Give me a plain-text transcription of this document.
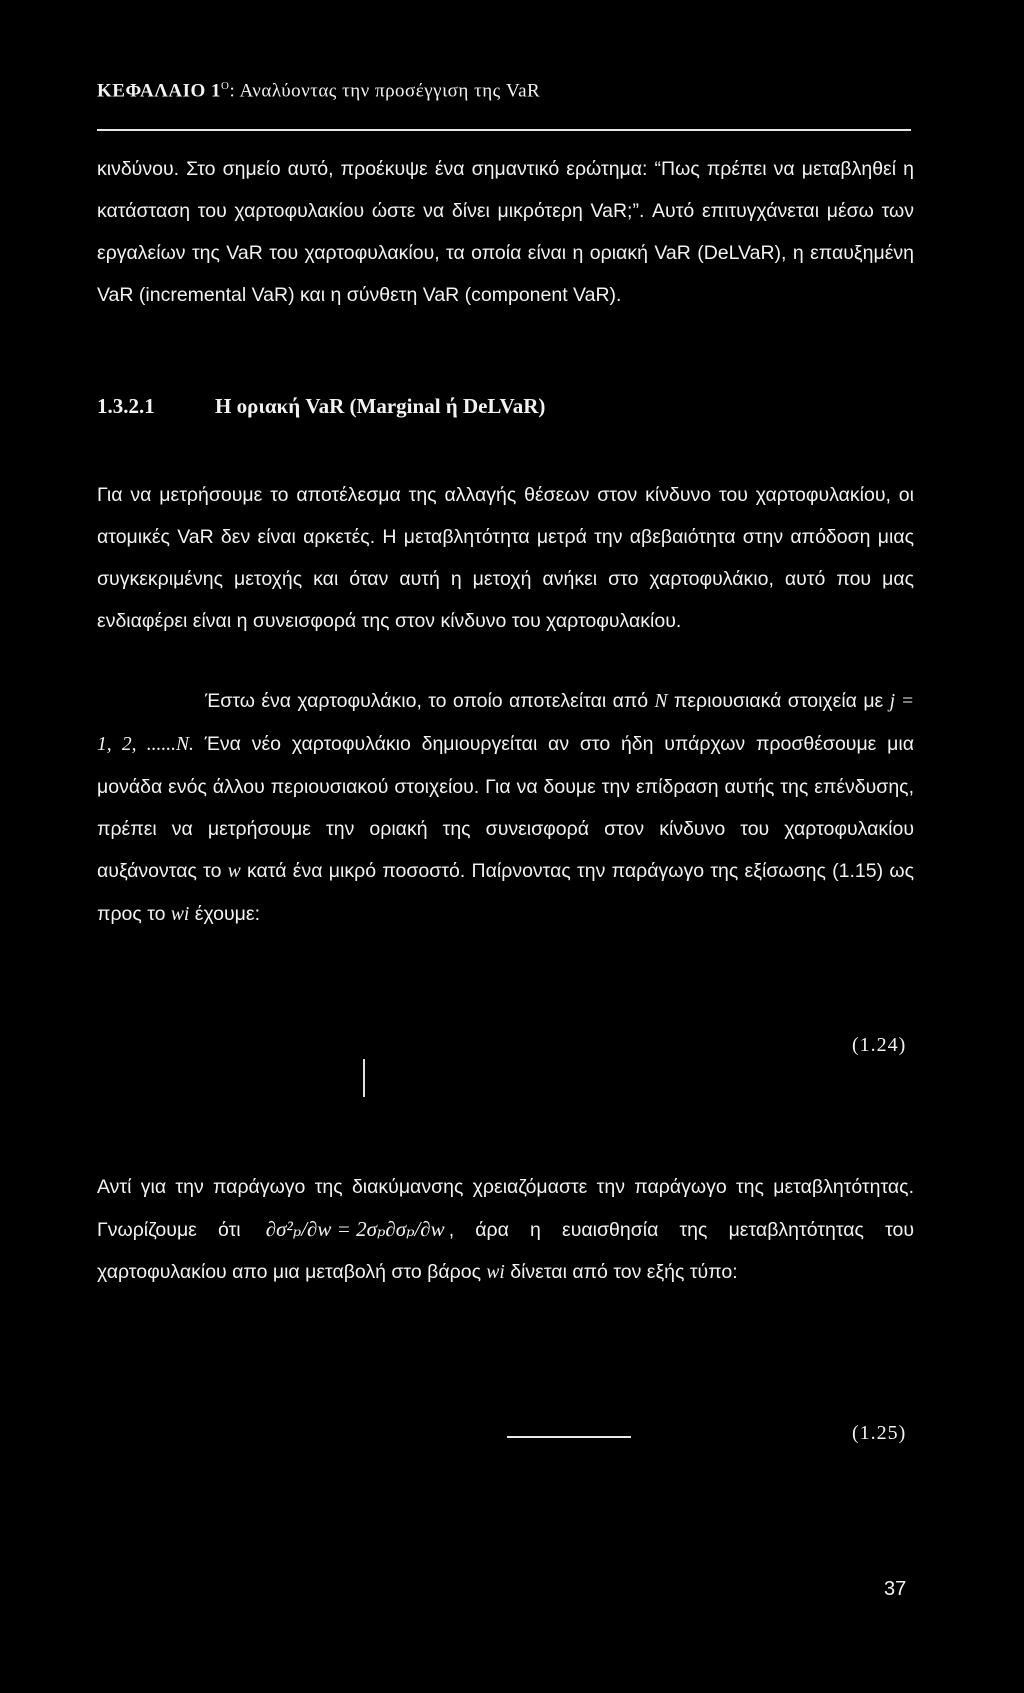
ΚΕΦΑΛΑΙΟ $1^O$: Αναλύοντας την προσέγγιση της VaR
κινδύνου. Στο σημείο αυτό, προέκυψε ένα σημαντικό ερώτημα: “Πως πρέπει να μεταβληθεί η κατάσταση του χαρτοφυλακίου ώστε να δίνει μικρότερη VaR;”. Αυτό επιτυγχάνεται μέσω των εργαλείων της VaR του χαρτοφυλακίου, τα οποία είναι η οριακή VaR (DeLVaR), η επαυξημένη VaR (incremental VaR) και η σύνθετη VaR (component VaR).
1.3.2.1	Η οριακή VaR (Marginal ή DeLVaR)
Για να μετρήσουμε το αποτέλεσμα της αλλαγής θέσεων στον κίνδυνο του χαρτοφυλακίου, οι ατομικές VaR δεν είναι αρκετές. Η μεταβλητότητα μετρά την αβεβαιότητα στην απόδοση μιας συγκεκριμένης μετοχής και όταν αυτή η μετοχή ανήκει στο χαρτοφυλάκιο, αυτό που μας ενδιαφέρει είναι η συνεισφορά της στον κίνδυνο του χαρτοφυλακίου.
Έστω ένα χαρτοφυλάκιο, το οποίο αποτελείται από N περιουσιακά στοιχεία με j = 1, 2, ......N. Ένα νέο χαρτοφυλάκιο δημιουργείται αν στο ήδη υπάρχων προσθέσουμε μια μονάδα ενός άλλου περιουσιακού στοιχείου. Για να δουμε την επίδραση αυτής της επένδυσης, πρέπει να μετρήσουμε την οριακή της συνεισφορά στον κίνδυνο του χαρτοφυλακίου αυξάνοντας το w κατά ένα μικρό ποσοστό. Παίρνοντας την παράγωγο της εξίσωσης (1.15) ως προς το wi έχουμε:
(1.24)
Αντί για την παράγωγο της διακύμανσης χρειαζόμαστε την παράγωγο της μεταβλητότητας. Γνωρίζουμε ότι ∂σ²ₚ/∂w = 2σₚ∂σₚ/∂w , άρα η ευαισθησία της μεταβλητότητας του χαρτοφυλακίου απο μια μεταβολή στο βάρος wi δίνεται από τον εξής τύπο:
(1.25)
37
